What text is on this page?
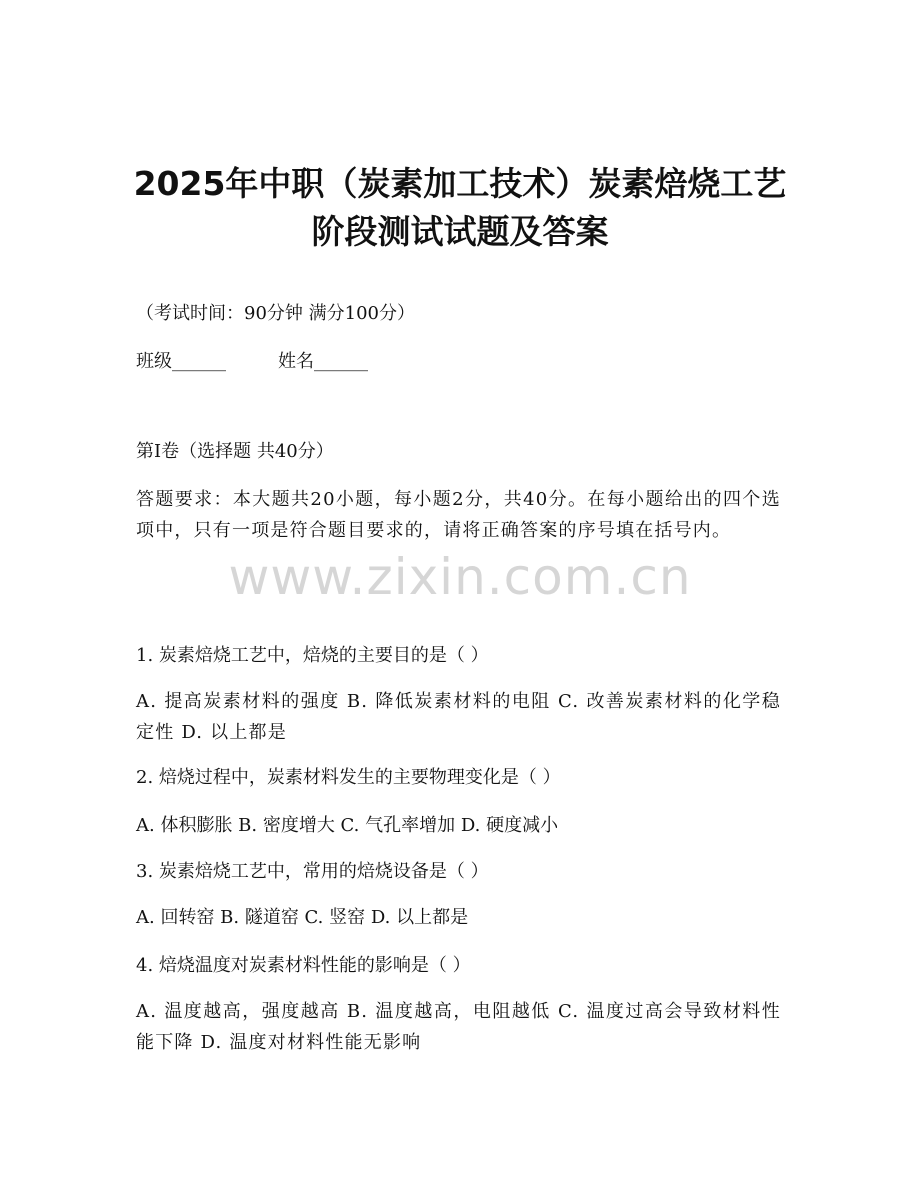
2025年中职（炭素加工技术）炭素焙烧工艺
阶段测试试题及答案
（考试时间：90分钟 满分100分）
班级______	姓名______
第I卷（选择题 共40分）
答题要求：本大题共20小题，每小题2分，共40分。在每小题给出的四个选项中，只有一项是符合题目要求的，请将正确答案的序号填在括号内。
www.zixin.com.cn
1. 炭素焙烧工艺中，焙烧的主要目的是（ ）
A. 提高炭素材料的强度 B. 降低炭素材料的电阻 C. 改善炭素材料的化学稳定性 D. 以上都是
2. 焙烧过程中，炭素材料发生的主要物理变化是（ ）
A. 体积膨胀 B. 密度增大 C. 气孔率增加 D. 硬度减小
3. 炭素焙烧工艺中，常用的焙烧设备是（ ）
A. 回转窑 B. 隧道窑 C. 竖窑 D. 以上都是
4. 焙烧温度对炭素材料性能的影响是（ ）
A. 温度越高，强度越高 B. 温度越高，电阻越低 C. 温度过高会导致材料性能下降 D. 温度对材料性能无影响
